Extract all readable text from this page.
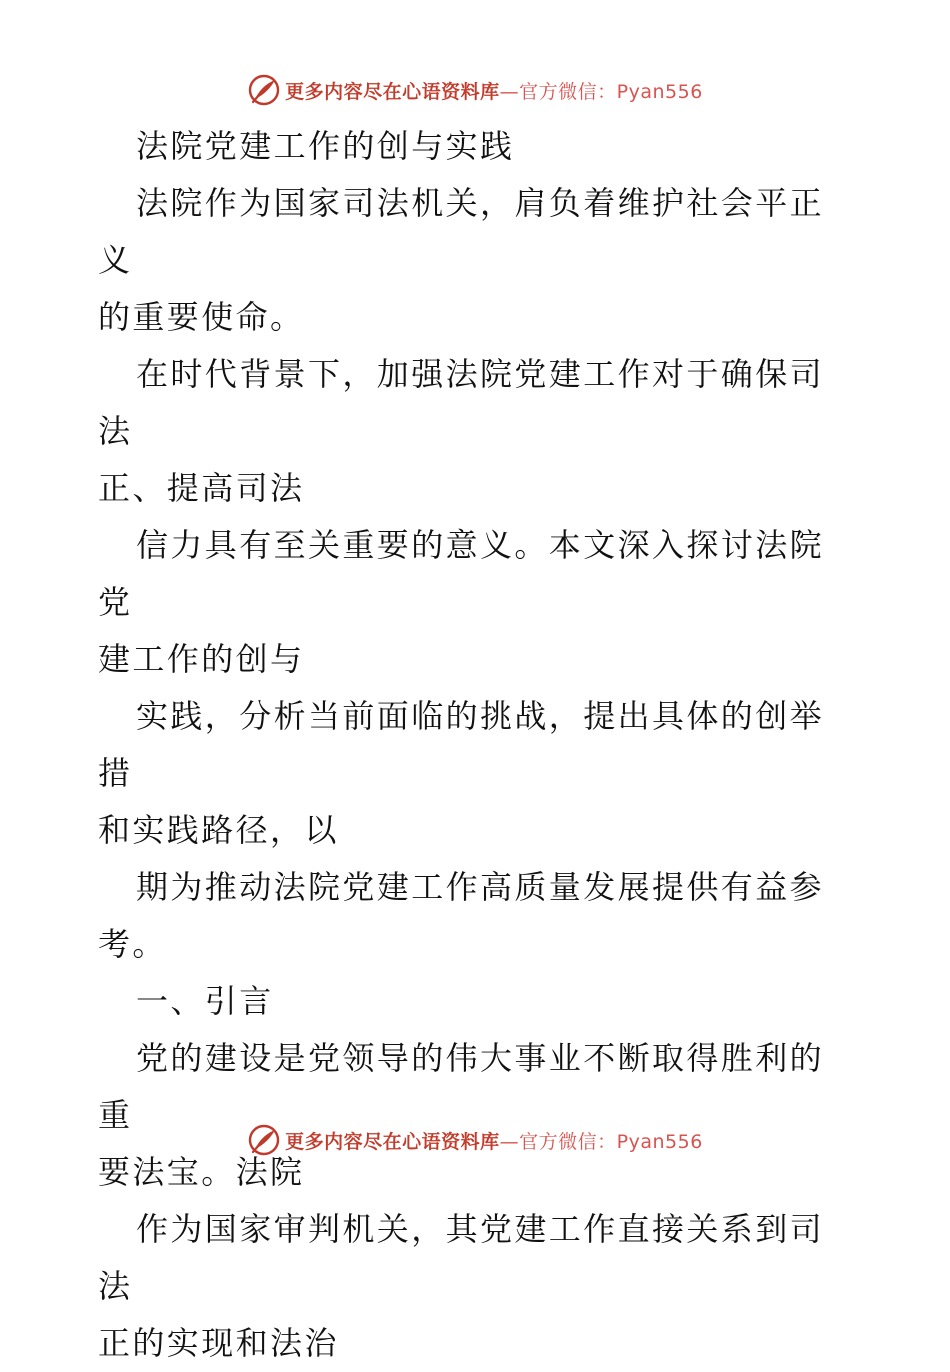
更多内容尽在心语资料库—官方微信：Pyan556

法院党建工作的创与实践

法院作为国家司法机关，肩负着维护社会平正义
的重要使命。

在时代背景下，加强法院党建工作对于确保司法
正、提高司法

信力具有至关重要的意义。本文深入探讨法院党
建工作的创与

实践，分析当前面临的挑战，提出具体的创举措
和实践路径，以

期为推动法院党建工作高质量发展提供有益参
考。

一、引言

党的建设是党领导的伟大事业不断取得胜利的重
要法宝。法院

作为国家审判机关，其党建工作直接关系到司法
正的实现和法治

更多内容尽在心语资料库—官方微信：Pyan556
